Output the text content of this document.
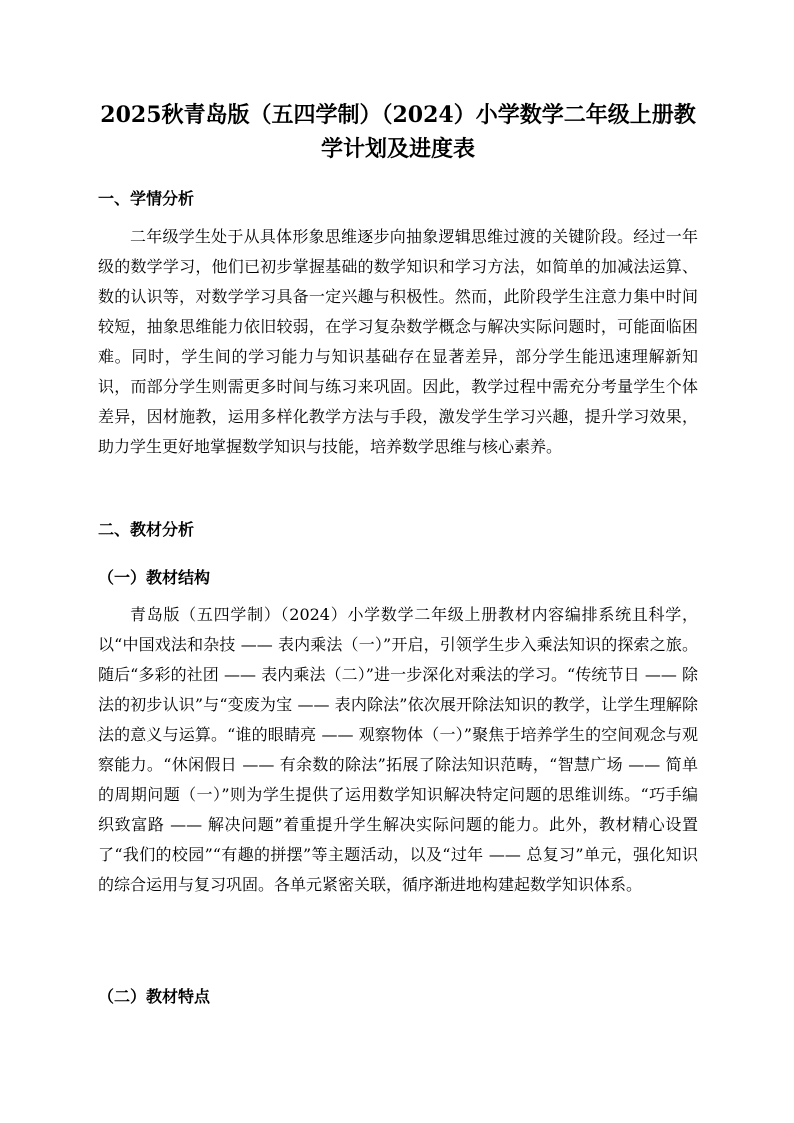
2025秋青岛版（五四学制）（2024）小学数学二年级上册教学计划及进度表
一、学情分析

二年级学生处于从具体形象思维逐步向抽象逻辑思维过渡的关键阶段。经过一年级的数学学习，他们已初步掌握基础的数学知识和学习方法，如简单的加减法运算、数的认识等，对数学学习具备一定兴趣与积极性。然而，此阶段学生注意力集中时间较短，抽象思维能力依旧较弱，在学习复杂数学概念与解决实际问题时，可能面临困难。同时，学生间的学习能力与知识基础存在显著差异，部分学生能迅速理解新知识，而部分学生则需更多时间与练习来巩固。因此，教学过程中需充分考量学生个体差异，因材施教，运用多样化教学方法与手段，激发学生学习兴趣，提升学习效果，助力学生更好地掌握数学知识与技能，培养数学思维与核心素养。

二、教材分析
（一）教材结构

青岛版（五四学制）（2024）小学数学二年级上册教材内容编排系统且科学，以“中国戏法和杂技 —— 表内乘法（一）”开启，引领学生步入乘法知识的探索之旅。随后“多彩的社团 —— 表内乘法（二）”进一步深化对乘法的学习。“传统节日 —— 除法的初步认识”与“变废为宝 —— 表内除法”依次展开除法知识的教学，让学生理解除法的意义与运算。“谁的眼睛亮 —— 观察物体（一）”聚焦于培养学生的空间观念与观察能力。“休闲假日 —— 有余数的除法”拓展了除法知识范畴，“智慧广场 —— 简单的周期问题（一）”则为学生提供了运用数学知识解决特定问题的思维训练。“巧手编织致富路 —— 解决问题”着重提升学生解决实际问题的能力。此外，教材精心设置了“我们的校园”“有趣的拼摆”等主题活动，以及“过年 —— 总复习”单元，强化知识的综合运用与复习巩固。各单元紧密关联，循序渐进地构建起数学知识体系。

（二）教材特点
